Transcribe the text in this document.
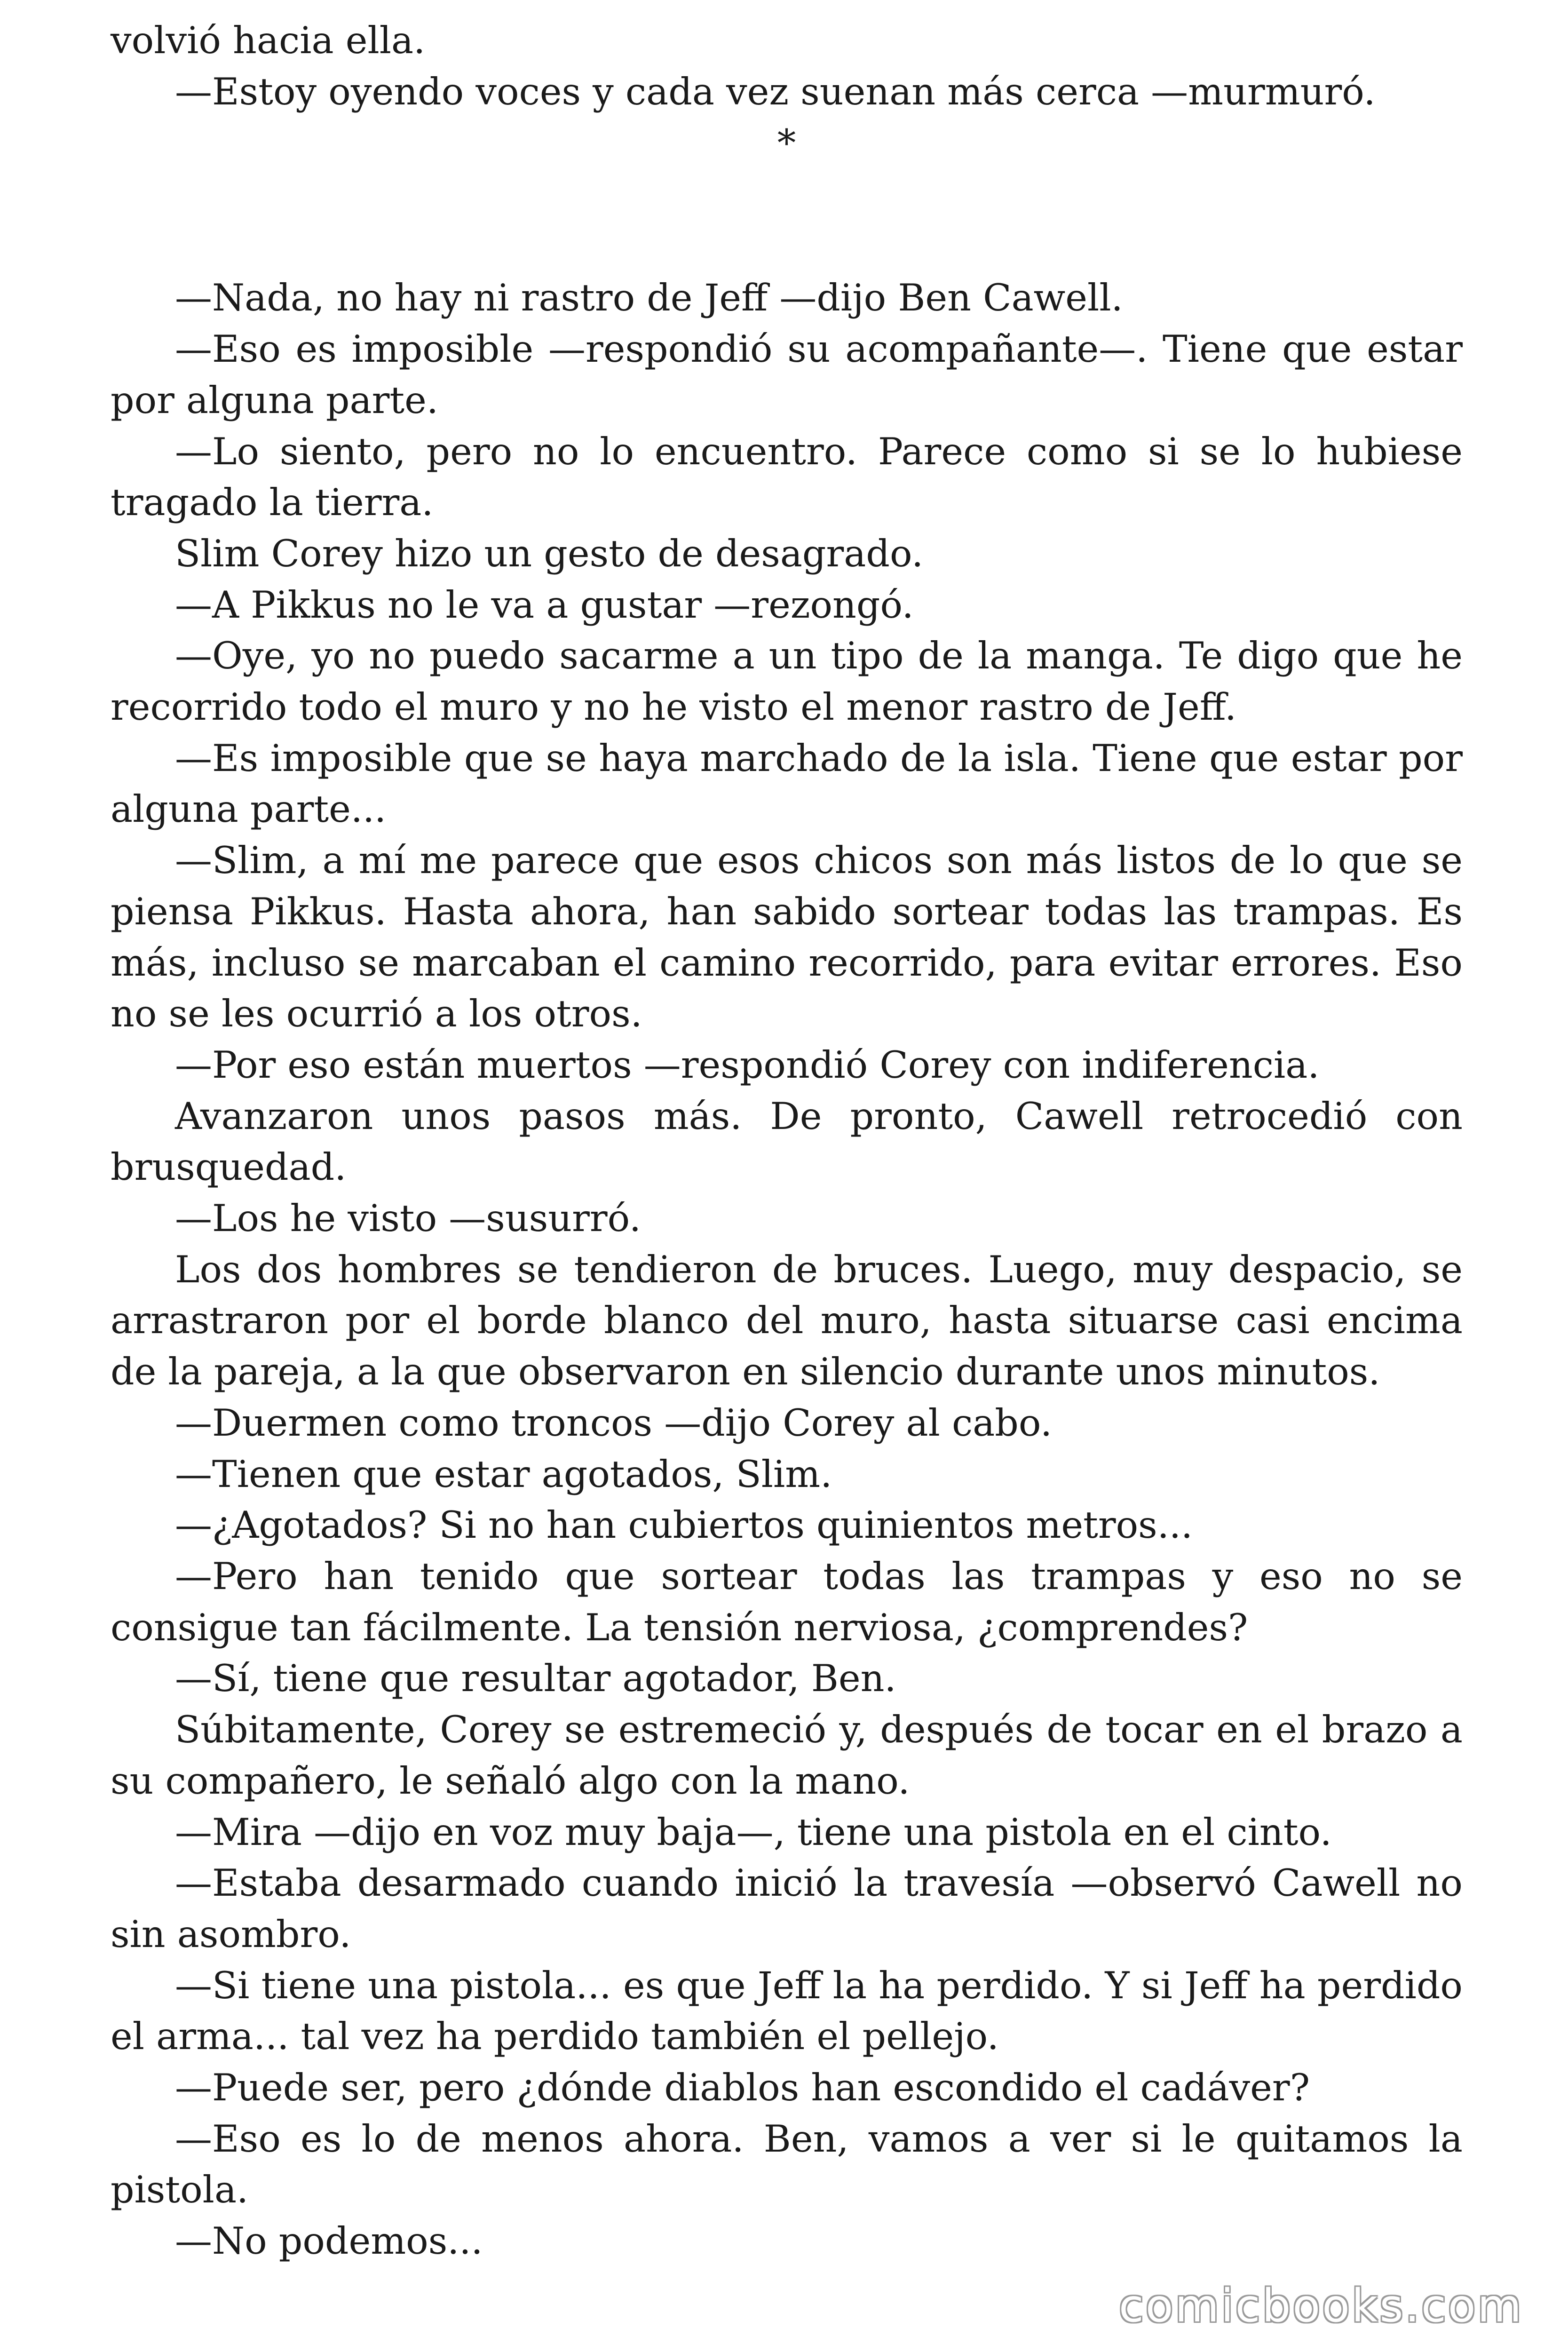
volvió hacia ella.

—Estoy oyendo voces y cada vez suenan más cerca —murmuró.

*

—Nada, no hay ni rastro de Jeff —dijo Ben Cawell.

—Eso es imposible —respondió su acompañante—. Tiene que estar por alguna parte.

—Lo siento, pero no lo encuentro. Parece como si se lo hubiese tragado la tierra.

Slim Corey hizo un gesto de desagrado.

—A Pikkus no le va a gustar —rezongó.

—Oye, yo no puedo sacarme a un tipo de la manga. Te digo que he recorrido todo el muro y no he visto el menor rastro de Jeff.

—Es imposible que se haya marchado de la isla. Tiene que estar por alguna parte...

—Slim, a mí me parece que esos chicos son más listos de lo que se piensa Pikkus. Hasta ahora, han sabido sortear todas las trampas. Es más, incluso se marcaban el camino recorrido, para evitar errores. Eso no se les ocurrió a los otros.

—Por eso están muertos —respondió Corey con indiferencia.

Avanzaron unos pasos más. De pronto, Cawell retrocedió con brusquedad.

—Los he visto —susurró.

Los dos hombres se tendieron de bruces. Luego, muy despacio, se arrastraron por el borde blanco del muro, hasta situarse casi encima de la pareja, a la que observaron en silencio durante unos minutos.

—Duermen como troncos —dijo Corey al cabo.

—Tienen que estar agotados, Slim.

—¿Agotados? Si no han cubiertos quinientos metros...

—Pero han tenido que sortear todas las trampas y eso no se consigue tan fácilmente. La tensión nerviosa, ¿comprendes?

—Sí, tiene que resultar agotador, Ben.

Súbitamente, Corey se estremeció y, después de tocar en el brazo a su compañero, le señaló algo con la mano.

—Mira —dijo en voz muy baja—, tiene una pistola en el cinto.

—Estaba desarmado cuando inició la travesía —observó Cawell no sin asombro.

—Si tiene una pistola... es que Jeff la ha perdido. Y si Jeff ha perdido el arma... tal vez ha perdido también el pellejo.

—Puede ser, pero ¿dónde diablos han escondido el cadáver?

—Eso es lo de menos ahora. Ben, vamos a ver si le quitamos la pistola.

—No podemos...

comicbooks.com
